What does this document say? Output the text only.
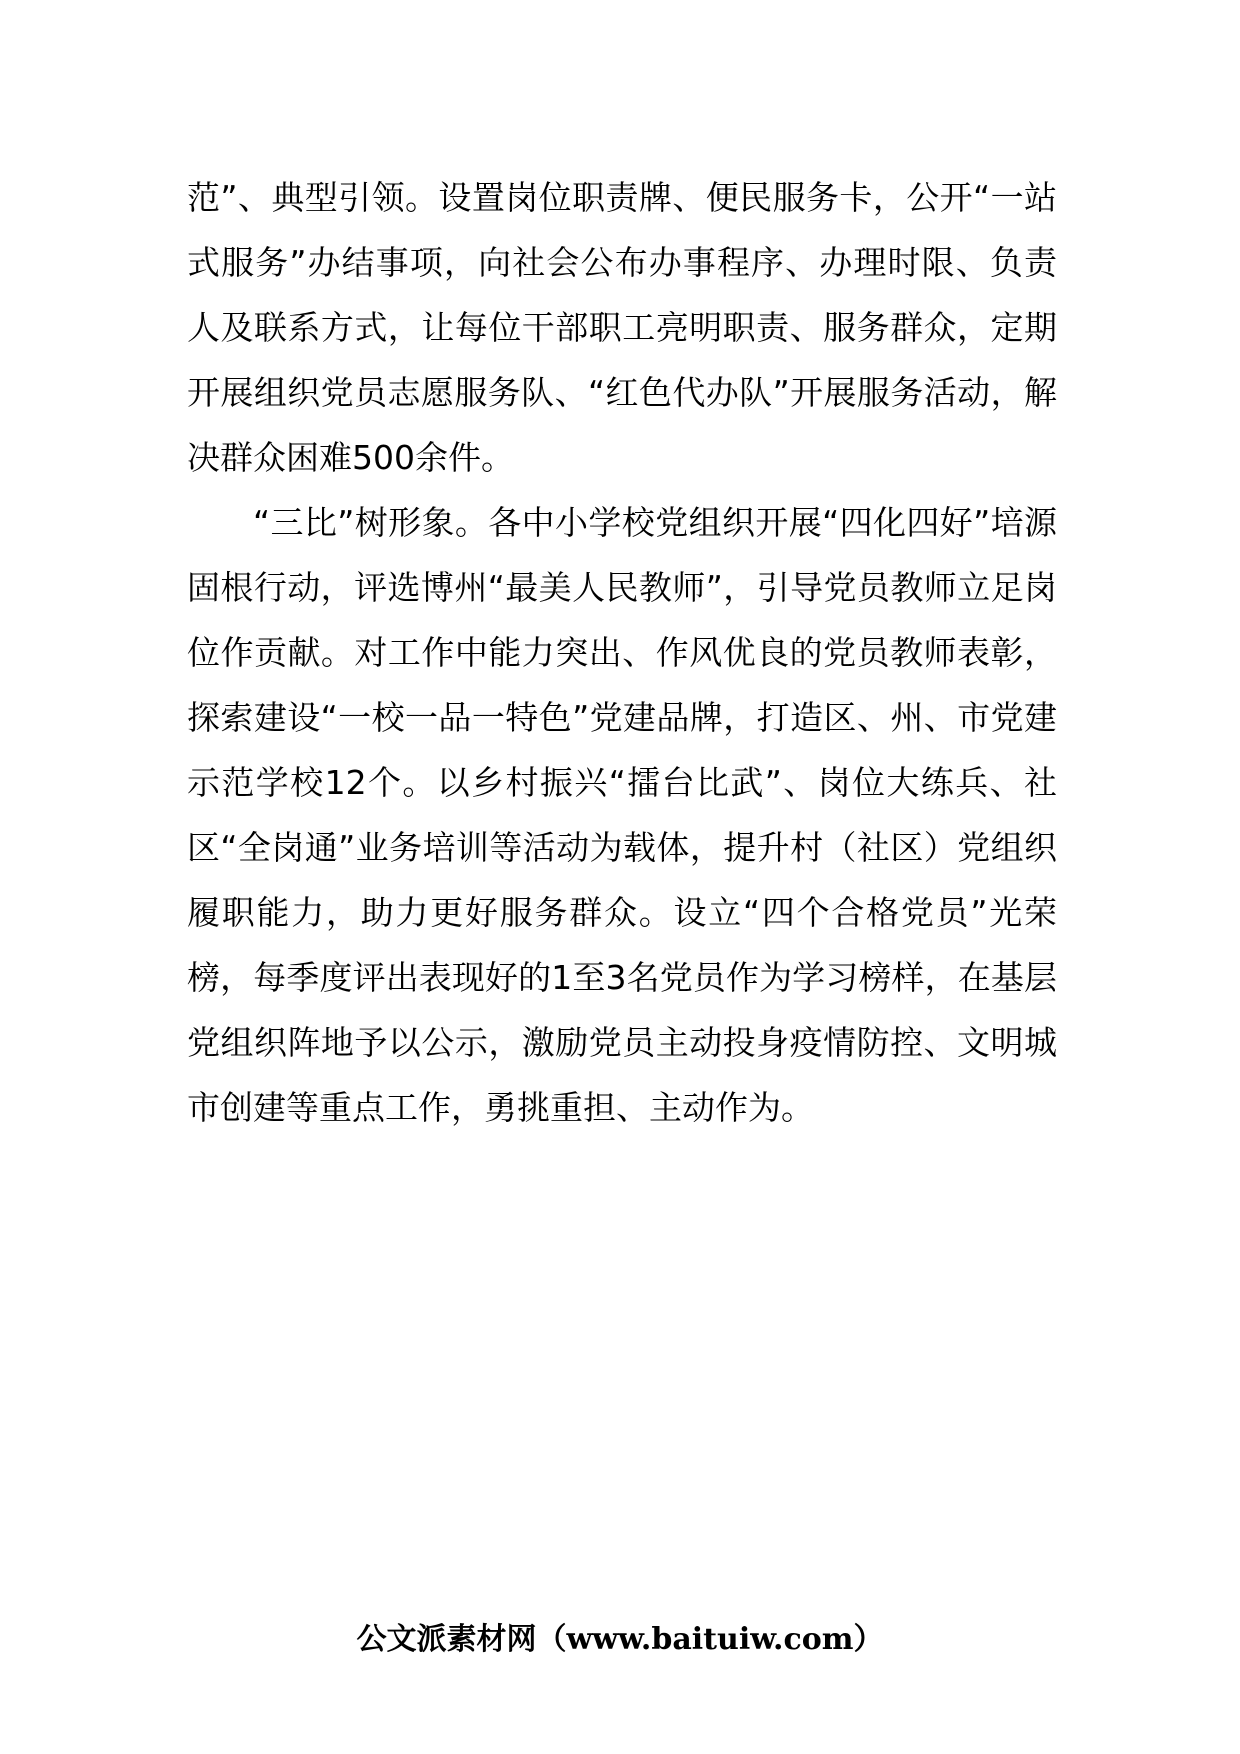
范”、典型引领。设置岗位职责牌、便民服务卡，公开“一站式服务”办结事项，向社会公布办事程序、办理时限、负责人及联系方式，让每位干部职工亮明职责、服务群众，定期开展组织党员志愿服务队、“红色代办队”开展服务活动，解决群众困难500余件。

“三比”树形象。各中小学校党组织开展“四化四好”培源固根行动，评选博州“最美人民教师”，引导党员教师立足岗位作贡献。对工作中能力突出、作风优良的党员教师表彰，探索建设“一校一品一特色”党建品牌，打造区、州、市党建示范学校12个。以乡村振兴“擂台比武”、岗位大练兵、社区“全岗通”业务培训等活动为载体，提升村（社区）党组织履职能力，助力更好服务群众。设立“四个合格党员”光荣榜，每季度评出表现好的1至3名党员作为学习榜样，在基层党组织阵地予以公示，激励党员主动投身疫情防控、文明城市创建等重点工作，勇挑重担、主动作为。

公文派素材网（www.baituiw.com）
